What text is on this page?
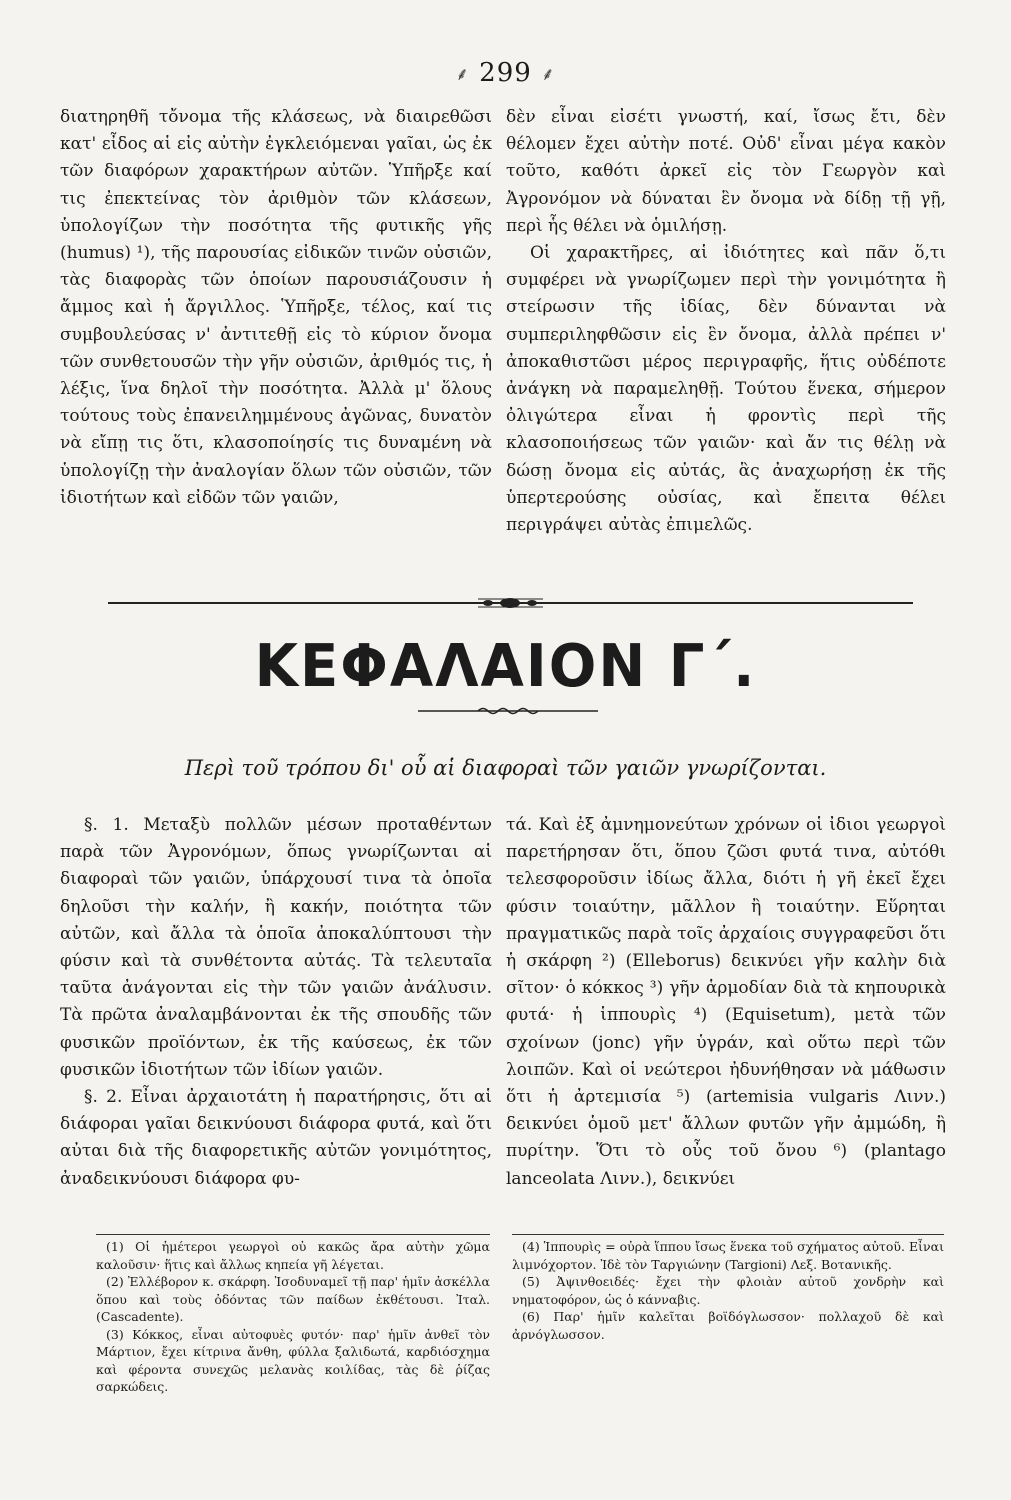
⸙ 299 ⸙

διατηρηθῆ τὄνομα τῆς κλάσεως, νὰ διαιρεθῶσι κατ' εἶδος αἱ εἰς αὐτὴν ἐγκλειόμεναι γαῖαι, ὡς ἐκ τῶν διαφόρων χαρακτήρων αὐτῶν. Ὑπῆρξε καί τις ἐπεκτείνας τὸν ἀριθμὸν τῶν κλάσεων, ὑπολογίζων τὴν ποσότητα τῆς φυτικῆς γῆς (humus) ¹), τῆς παρουσίας εἰδικῶν τινῶν οὐσιῶν, τὰς διαφορὰς τῶν ὁποίων παρουσιάζουσιν ἡ ἄμμος καὶ ἡ ἄργιλλος. Ὑπῆρξε, τέλος, καί τις συμβουλεύσας ν' ἀντιτεθῇ εἰς τὸ κύριον ὄνομα τῶν συνθετουσῶν τὴν γῆν οὐσιῶν, ἀριθμός τις, ἡ λέξις, ἵνα δηλοῖ τὴν ποσότητα. Ἀλλὰ μ' ὅλους τούτους τοὺς ἐπανειλημμένους ἀγῶνας, δυνατὸν νὰ εἴπῃ τις ὅτι, κλασοποίησίς τις δυναμένη νὰ ὑπολογίζῃ τὴν ἀναλογίαν ὅλων τῶν οὐσιῶν, τῶν ἰδιοτήτων καὶ εἰδῶν τῶν γαιῶν,

δὲν εἶναι εἰσέτι γνωστή, καί, ἴσως ἔτι, δὲν θέλομεν ἔχει αὐτὴν ποτέ. Οὐδ' εἶναι μέγα κακὸν τοῦτο, καθότι ἀρκεῖ εἰς τὸν Γεωργὸν καὶ Ἀγρονόμον νὰ δύναται ἓν ὄνομα νὰ δίδῃ τῇ γῇ, περὶ ἧς θέλει νὰ ὁμιλήσῃ.

Οἱ χαρακτῆρες, αἱ ἰδιότητες καὶ πᾶν ὅ,τι συμφέρει νὰ γνωρίζωμεν περὶ τὴν γονιμότητα ἢ στείρωσιν τῆς ἰδίας, δὲν δύνανται νὰ συμπεριληφθῶσιν εἰς ἓν ὄνομα, ἀλλὰ πρέπει ν' ἀποκαθιστῶσι μέρος περιγραφῆς, ἥτις οὐδέποτε ἀνάγκη νὰ παραμεληθῇ. Τούτου ἕνεκα, σήμερον ὀλιγώτερα εἶναι ἡ φροντὶς περὶ τῆς κλασοποιήσεως τῶν γαιῶν· καὶ ἄν τις θέλῃ νὰ δώσῃ ὄνομα εἰς αὐτάς, ἃς ἀναχωρήσῃ ἐκ τῆς ὑπερτερούσης οὐσίας, καὶ ἔπειτα θέλει περιγράψει αὐτὰς ἐπιμελῶς.

ΚΕΦΑΛΑΙΟΝ Γ΄.
Περὶ τοῦ τρόπου δι' οὗ αἱ διαφοραὶ τῶν γαιῶν γνωρίζονται.

§. 1. Μεταξὺ πολλῶν μέσων προταθέντων παρὰ τῶν Ἀγρονόμων, ὅπως γνωρίζωνται αἱ διαφοραὶ τῶν γαιῶν, ὑπάρχουσί τινα τὰ ὁποῖα δηλοῦσι τὴν καλήν, ἢ κακήν, ποιότητα τῶν αὐτῶν, καὶ ἄλλα τὰ ὁποῖα ἀποκαλύπτουσι τὴν φύσιν καὶ τὰ συνθέτοντα αὐτάς. Τὰ τελευταῖα ταῦτα ἀνάγονται εἰς τὴν τῶν γαιῶν ἀνάλυσιν. Τὰ πρῶτα ἀναλαμβάνονται ἐκ τῆς σπουδῆς τῶν φυσικῶν προϊόντων, ἐκ τῆς καύσεως, ἐκ τῶν φυσικῶν ἰδιοτήτων τῶν ἰδίων γαιῶν.

§. 2. Εἶναι ἀρχαιοτάτη ἡ παρατήρησις, ὅτι αἱ διάφοραι γαῖαι δεικνύουσι διάφορα φυτά, καὶ ὅτι αὐται διὰ τῆς διαφορετικῆς αὐτῶν γονιμότητος, ἀναδεικνύουσι διάφορα φυ-

τά. Καὶ ἐξ ἀμνημονεύτων χρόνων οἱ ἰδιοι γεωργοὶ παρετήρησαν ὅτι, ὅπου ζῶσι φυτά τινα, αὐτόθι τελεσφοροῦσιν ἰδίως ἄλλα, διότι ἡ γῆ ἐκεῖ ἔχει φύσιν τοιαύτην, μᾶλλον ἢ τοιαύτην. Εὕρηται πραγματικῶς παρὰ τοῖς ἀρχαίοις συγγραφεῦσι ὅτι ἡ σκάρφη ²) (Elleborus) δεικνύει γῆν καλὴν διὰ σῖτον· ὁ κόκκος ³) γῆν ἁρμοδίαν διὰ τὰ κηπουρικὰ φυτά· ἡ ἱππουρὶς ⁴) (Equisetum), μετὰ τῶν σχοίνων (jonc) γῆν ὑγράν, καὶ οὕτω περὶ τῶν λοιπῶν. Καὶ οἱ νεώτεροι ἠδυνήθησαν νὰ μάθωσιν ὅτι ἡ ἀρτεμισία ⁵) (artemisia vulgaris Λινν.) δεικνύει ὁμοῦ μετ' ἄλλων φυτῶν γῆν ἀμμώδη, ἢ πυρίτην. Ὅτι τὸ οὖς τοῦ ὄνου ⁶) (plantago lanceolata Λινν.), δεικνύει

(1) Οἱ ἡμέτεροι γεωργοὶ οὐ κακῶς ἄρα αὐτὴν χῶμα καλοῦσιν· ἥτις καὶ ἄλλως κηπεία γῆ λέγεται.

(2) Ἐλλέβορον κ. σκάρφη. Ἰσοδυναμεῖ τῇ παρ' ἡμῖν ἀσκέλλα ὅπου καὶ τοὺς ὀδόντας τῶν παίδων ἐκθέτουσι. Ἰταλ. (Cascadente).

(3) Κόκκος, εἶναι αὐτοφυὲς φυτόν· παρ' ἡμῖν ἀνθεῖ τὸν Μάρτιον, ἔχει κίτρινα ἄνθη, φύλλα ξαλιδωτά, καρδιόσχημα καὶ φέροντα συνεχῶς μελανὰς κοιλίδας, τὰς δὲ ῥίζας σαρκώδεις.

(4) Ἱππουρὶς = οὐρὰ ἵππου ἴσως ἕνεκα τοῦ σχήματος αὐτοῦ. Εἶναι λιμνόχορτον. Ἰδὲ τὸν Ταργιώνην (Targioni) Λεξ. Βοτανικῆς.

(5) Ἀψινθοειδές· ἔχει τὴν φλοιὰν αὐτοῦ χονδρὴν καὶ νηματοφόρον, ὡς ὁ κάνναβις.

(6) Παρ' ἡμῖν καλεῖται βοϊδόγλωσσον· πολλαχοῦ δὲ καὶ ἀρνόγλωσσον.
